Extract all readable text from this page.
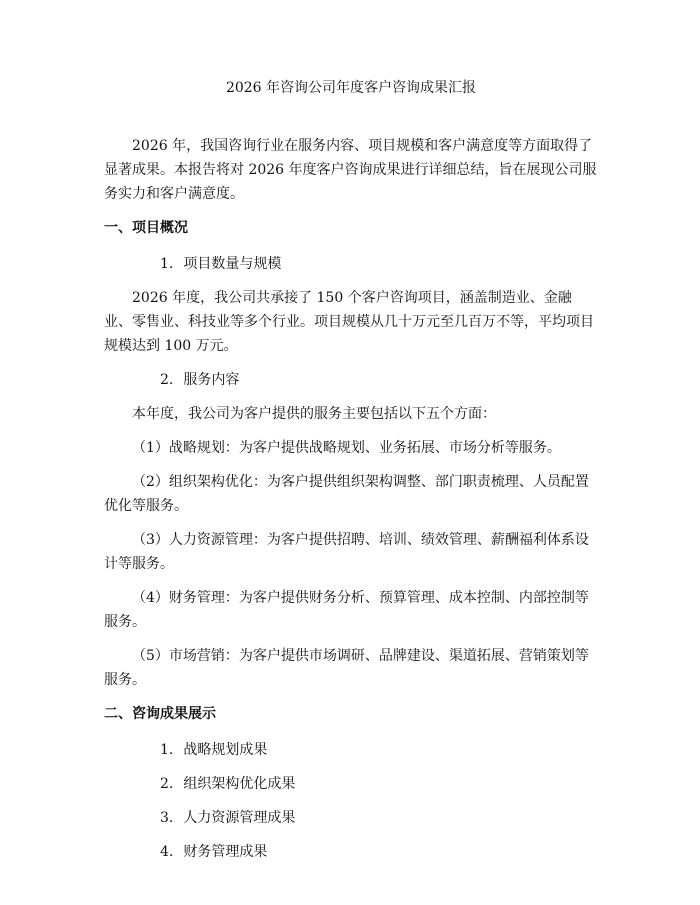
2026 年咨询公司年度客户咨询成果汇报

2026 年，我国咨询行业在服务内容、项目规模和客户满意度等方面取得了显著成果。本报告将对 2026 年度客户咨询成果进行详细总结，旨在展现公司服务实力和客户满意度。

一、项目概况

1. 项目数量与规模

2026 年度，我公司共承接了 150 个客户咨询项目，涵盖制造业、金融业、零售业、科技业等多个行业。项目规模从几十万元至几百万不等，平均项目规模达到 100 万元。

2. 服务内容

本年度，我公司为客户提供的服务主要包括以下五个方面：

（1）战略规划：为客户提供战略规划、业务拓展、市场分析等服务。

（2）组织架构优化：为客户提供组织架构调整、部门职责梳理、人员配置优化等服务。

（3）人力资源管理：为客户提供招聘、培训、绩效管理、薪酬福利体系设计等服务。

（4）财务管理：为客户提供财务分析、预算管理、成本控制、内部控制等服务。

（5）市场营销：为客户提供市场调研、品牌建设、渠道拓展、营销策划等服务。

二、咨询成果展示

1. 战略规划成果
2. 组织架构优化成果
3. 人力资源管理成果
4. 财务管理成果
